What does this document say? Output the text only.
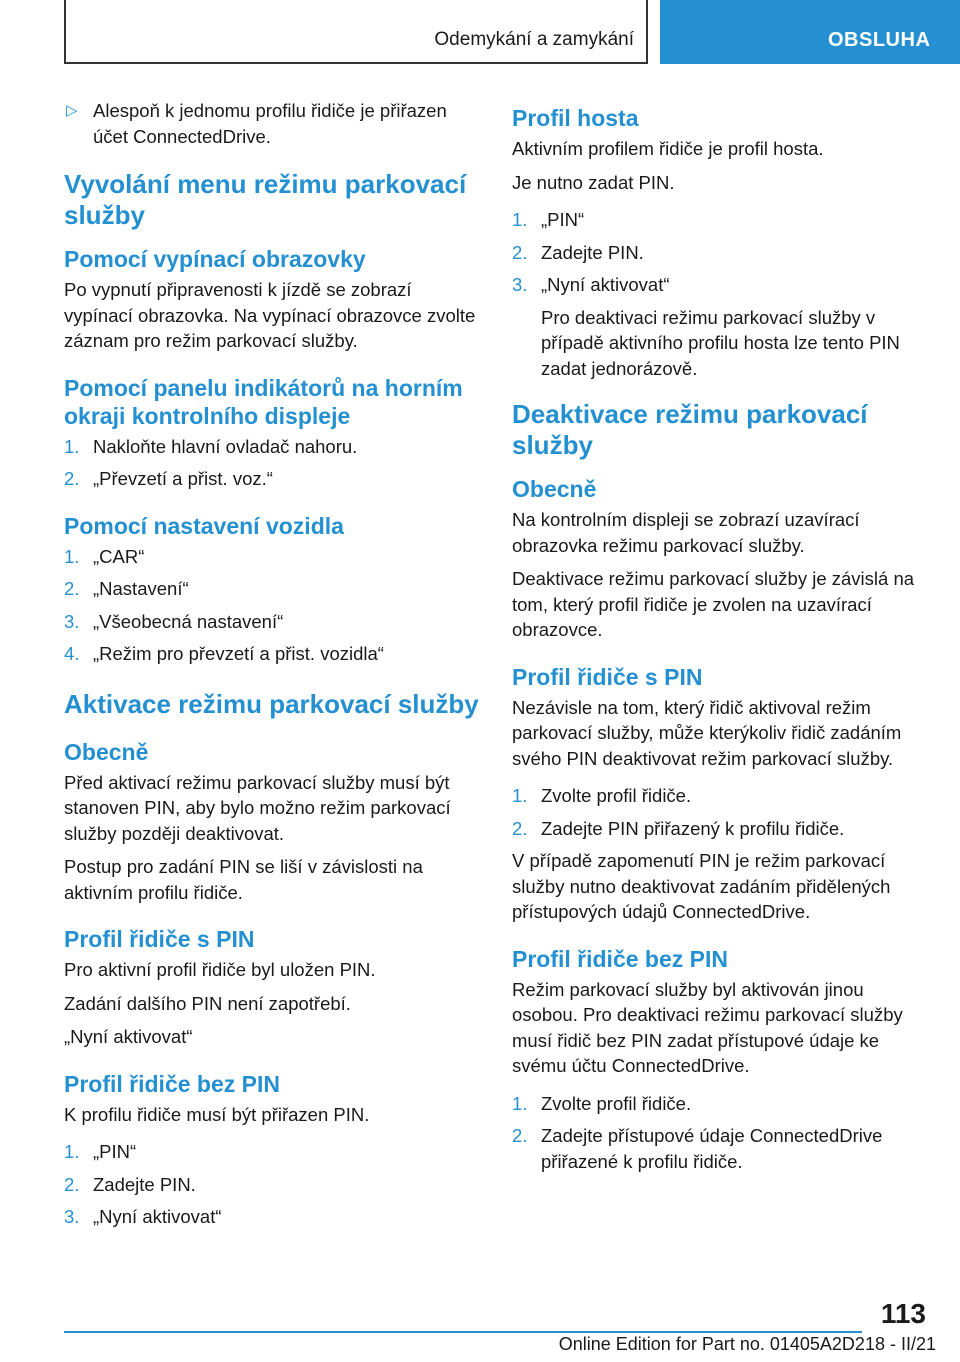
Odemykání a zamykání	OBSLUHA
▷ Alespoň k jednomu profilu řidiče je přiřazen účet ConnectedDrive.
Vyvolání menu režimu parkovací služby
Pomocí vypínací obrazovky
Po vypnutí připravenosti k jízdě se zobrazí vypínací obrazovka. Na vypínací obrazovce zvolte záznam pro režim parkovací služby.
Pomocí panelu indikátorů na horním okraji kontrolního displeje
1. Nakloňte hlavní ovladač nahoru.
2. „Převzetí a přist. voz.“
Pomocí nastavení vozidla
1. „CAR“
2. „Nastavení“
3. „Všeobecná nastavení“
4. „Režim pro převzetí a přist. vozidla“
Aktivace režimu parkovací služby
Obecně
Před aktivací režimu parkovací služby musí být stanoven PIN, aby bylo možno režim parkovací služby později deaktivovat.
Postup pro zadání PIN se liší v závislosti na aktivním profilu řidiče.
Profil řidiče s PIN
Pro aktivní profil řidiče byl uložen PIN.
Zadání dalšího PIN není zapotřebí.
„Nyní aktivovat“
Profil řidiče bez PIN
K profilu řidiče musí být přiřazen PIN.
1. „PIN“
2. Zadejte PIN.
3. „Nyní aktivovat“
Profil hosta
Aktivním profilem řidiče je profil hosta.
Je nutno zadat PIN.
1. „PIN“
2. Zadejte PIN.
3. „Nyní aktivovat“
Pro deaktivaci režimu parkovací služby v případě aktivního profilu hosta lze tento PIN zadat jednorázově.
Deaktivace režimu parkovací služby
Obecně
Na kontrolním displeji se zobrazí uzavírací obrazovka režimu parkovací služby.
Deaktivace režimu parkovací služby je závislá na tom, který profil řidiče je zvolen na uzavírací obrazovce.
Profil řidiče s PIN
Nezávisle na tom, který řidič aktivoval režim parkovací služby, může kterýkoliv řidič zadáním svého PIN deaktivovat režim parkovací služby.
1. Zvolte profil řidiče.
2. Zadejte PIN přiřazený k profilu řidiče.
V případě zapomenutí PIN je režim parkovací služby nutno deaktivovat zadáním přidělených přístupových údajů ConnectedDrive.
Profil řidiče bez PIN
Režim parkovací služby byl aktivován jinou osobou. Pro deaktivaci režimu parkovací služby musí řidič bez PIN zadat přístupové údaje ke svému účtu ConnectedDrive.
1. Zvolte profil řidiče.
2. Zadejte přístupové údaje ConnectedDrive přiřazené k profilu řidiče.
113
Online Edition for Part no. 01405A2D218 - II/21
